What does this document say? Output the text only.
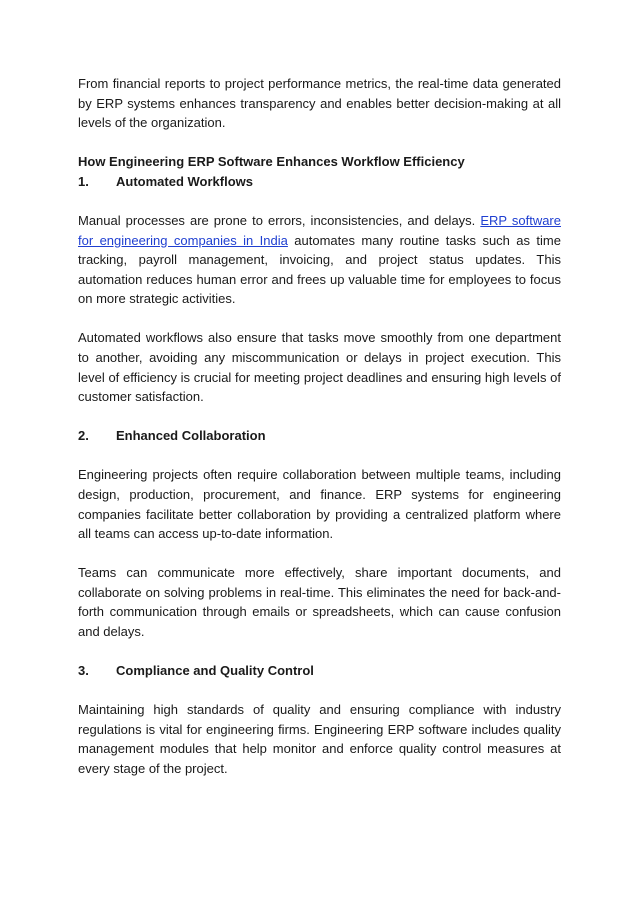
From financial reports to project performance metrics, the real-time data generated by ERP systems enhances transparency and enables better decision-making at all levels of the organization.

How Engineering ERP Software Enhances Workflow Efficiency

1.	Automated Workflows

Manual processes are prone to errors, inconsistencies, and delays. ERP software for engineering companies in India automates many routine tasks such as time tracking, payroll management, invoicing, and project status updates. This automation reduces human error and frees up valuable time for employees to focus on more strategic activities.

Automated workflows also ensure that tasks move smoothly from one department to another, avoiding any miscommunication or delays in project execution. This level of efficiency is crucial for meeting project deadlines and ensuring high levels of customer satisfaction.

2.	Enhanced Collaboration

Engineering projects often require collaboration between multiple teams, including design, production, procurement, and finance. ERP systems for engineering companies facilitate better collaboration by providing a centralized platform where all teams can access up-to-date information.

Teams can communicate more effectively, share important documents, and collaborate on solving problems in real-time. This eliminates the need for back-and-forth communication through emails or spreadsheets, which can cause confusion and delays.

3.	Compliance and Quality Control

Maintaining high standards of quality and ensuring compliance with industry regulations is vital for engineering firms. Engineering ERP software includes quality management modules that help monitor and enforce quality control measures at every stage of the project.
